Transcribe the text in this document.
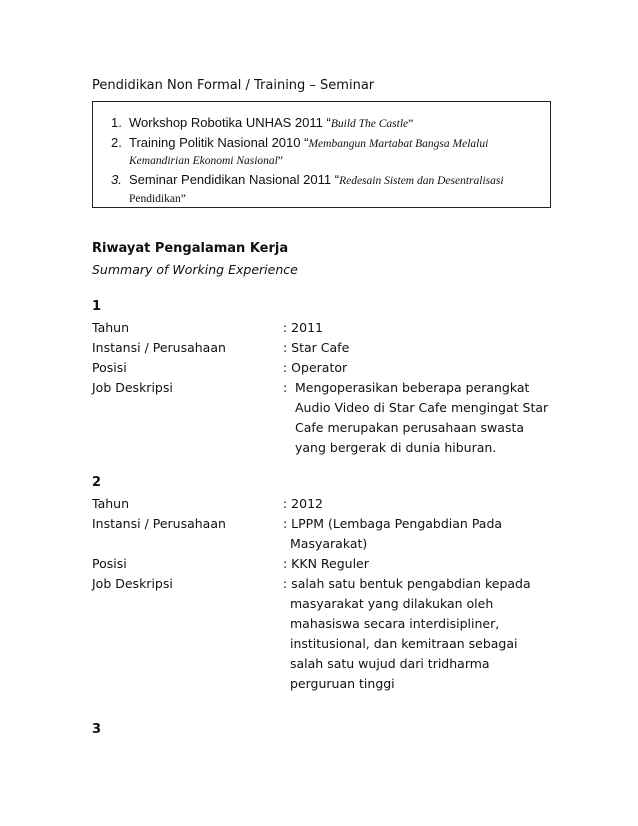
Pendidikan Non Formal / Training – Seminar
1. Workshop Robotika UNHAS 2011 “Build The Castle”
2. Training Politik Nasional 2010 “Membangun Martabat Bangsa Melalui
Kemandirian Ekonomi Nasional”
3. Seminar Pendidikan Nasional 2011 “Redesain Sistem dan Desentralisasi
Pendidikan”
Riwayat Pengalaman Kerja
Summary of Working Experience
1
Tahun	: 2011
Instansi / Perusahaan	: Star Cafe
Posisi	: Operator
Job Deskripsi	: Mengoperasikan beberapa perangkat
Audio Video di Star Cafe mengingat Star
Cafe merupakan perusahaan swasta
yang bergerak di dunia hiburan.
2
Tahun	: 2012
Instansi / Perusahaan	: LPPM (Lembaga Pengabdian Pada
Masyarakat)
Posisi	: KKN Reguler
Job Deskripsi	: salah satu bentuk pengabdian kepada
masyarakat yang dilakukan oleh
mahasiswa secara interdisipliner,
institusional, dan kemitraan sebagai
salah satu wujud dari tridharma
perguruan tinggi
3
